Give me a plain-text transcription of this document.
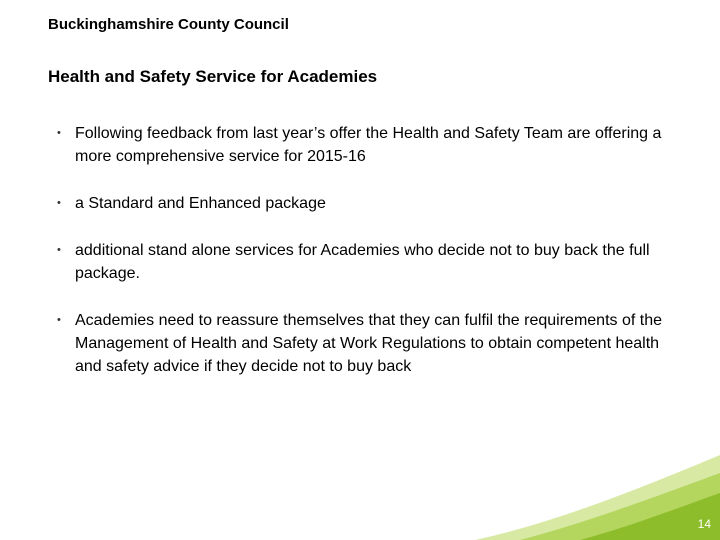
Buckinghamshire County Council
Health and Safety Service for Academies
• Following feedback from last year’s offer the Health and Safety Team are offering a more comprehensive service for 2015-16
• a Standard and Enhanced package
• additional stand alone services for Academies who decide not to buy back the full package.
• Academies need to reassure themselves that they can fulfil the requirements of the Management of Health and Safety at Work Regulations to obtain competent health and safety advice if they decide not to buy back
14
